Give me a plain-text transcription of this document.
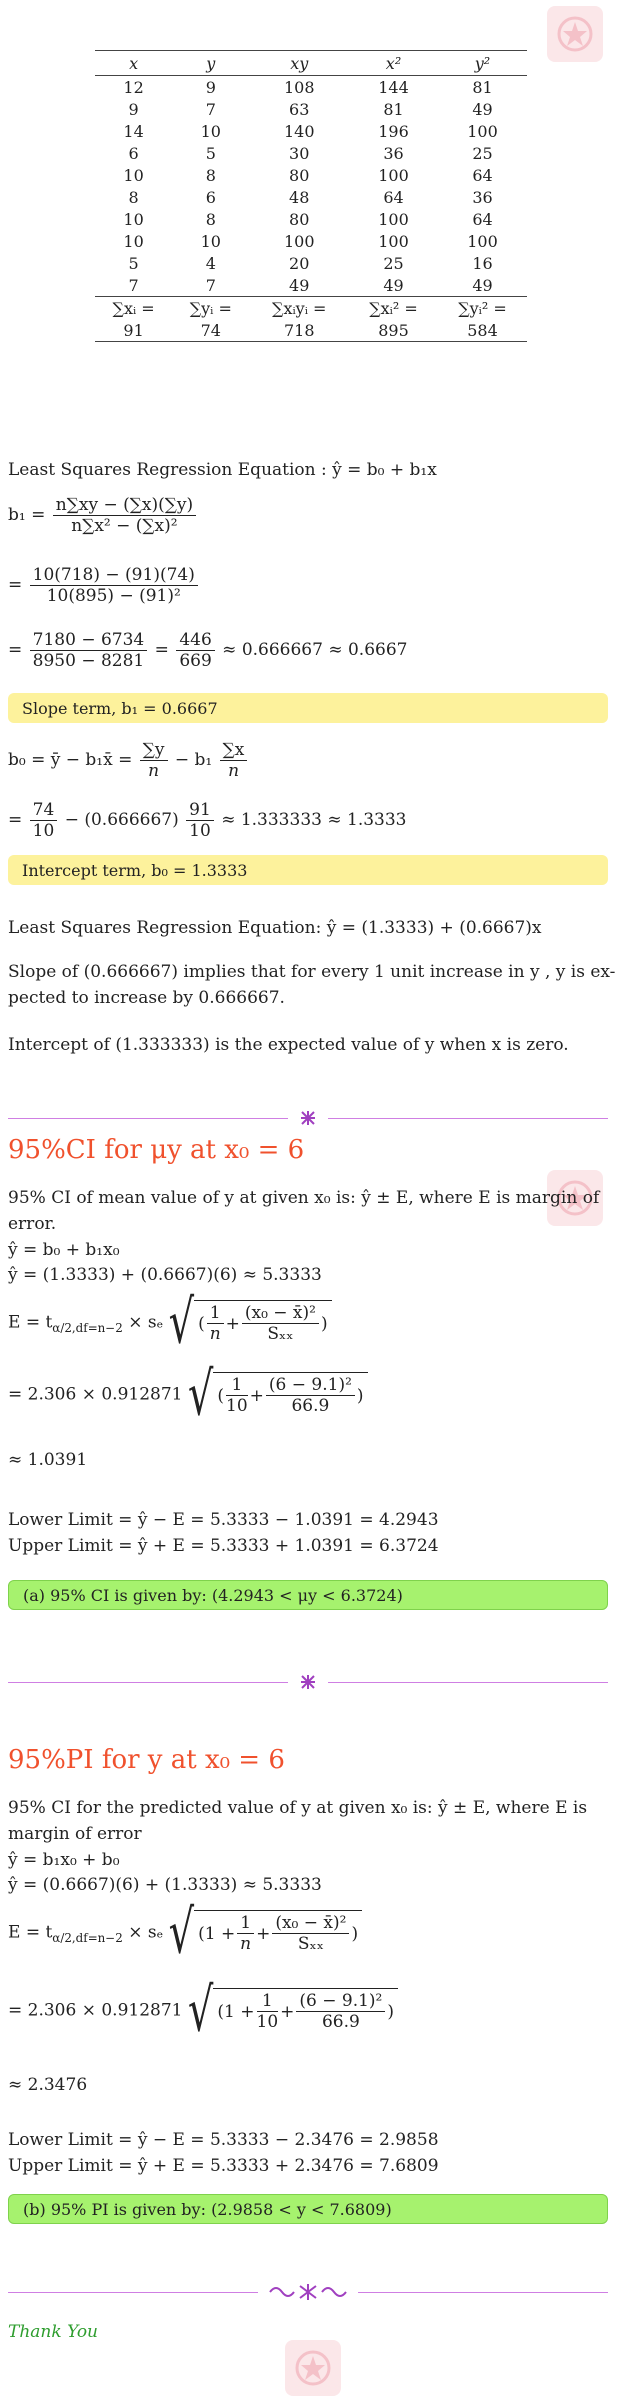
x	y	xy	x²	y²
12	9	108	144	81
9	7	63	81	49
14	10	140	196	100
6	5	30	36	25
10	8	80	100	64
8	6	48	64	36
10	8	80	100	64
10	10	100	100	100
5	4	20	25	16
7	7	49	49	49
∑xᵢ =	∑yᵢ =	∑xᵢyᵢ =	∑xᵢ² =	∑yᵢ² =
91	74	718	895	584
Least Squares Regression Equation : ŷ = b₀ + b₁x
$b_1 = \frac{n\sum xy - (\sum x)(\sum y)}{\text{n∑x² − (∑x)²}}$
= $\frac{10(718) - (91)(74)}{\text{10(895) − (91)²}}$
= $\frac{7180 - 6734}{8950 - 8281} = \frac{446}{669} \approx 0.666667 \approx 0.6667$
Slope term, b₁ = 0.6667
b₀ = ȳ − b₁x̄ = $\frac{\sum y}{n} - b_1 \frac{\sum x}{n}$
= $\frac{74}{10} - (0.666667) \frac{91}{10} \approx 1.333333 \approx 1.3333$
Intercept term, b₀ = 1.3333
Least Squares Regression Equation: ŷ = (1.3333) + (0.6667)x
Slope of (0.666667) implies that for every 1 unit increase in y , y is ex-
pected to increase by 0.666667.
Intercept of (1.333333) is the expected value of y when x is zero.
95%CI for μy at x₀ = 6
95% CI of mean value of y at given x₀ is: ŷ ± E, where E is margin of
error.
ŷ = b₀ + b₁x₀
ŷ = (1.3333) + (0.6667)(6) ≈ 5.3333
$E = t_{\alpha/2,df=n-2} \times s_e$ √ ( $\frac{1}{n} + \frac{\text{(x₀ − x̄)²}}{\text{Sₓₓ}}$ )
= 2.306 × 0.912871 √ ( $\frac{1}{10} + \frac{\text{(6 − 9.1)²}}{66.9}$ )
≈ 1.0391
Lower Limit = ŷ − E = 5.3333 − 1.0391 = 4.2943
Upper Limit = ŷ + E = 5.3333 + 1.0391 = 6.3724
(a) 95% CI is given by: (4.2943 < μy < 6.3724)
95%PI for y at x₀ = 6
95% CI for the predicted value of y at given x₀ is: ŷ ± E, where E is
margin of error
ŷ = b₁x₀ + b₀
ŷ = (0.6667)(6) + (1.3333) ≈ 5.3333
$E = t_{\alpha/2,df=n-2} \times s_e$ √ ( $1 + \frac{1}{n} + \frac{\text{(x₀ − x̄)²}}{\text{Sₓₓ}}$ )
= 2.306 × 0.912871 √ ( $1 + \frac{1}{10} + \frac{\text{(6 − 9.1)²}}{66.9}$ )
≈ 2.3476
Lower Limit = ŷ − E = 5.3333 − 2.3476 = 2.9858
Upper Limit = ŷ + E = 5.3333 + 2.3476 = 7.6809
(b) 95% PI is given by: (2.9858 < y < 7.6809)
Thank You
